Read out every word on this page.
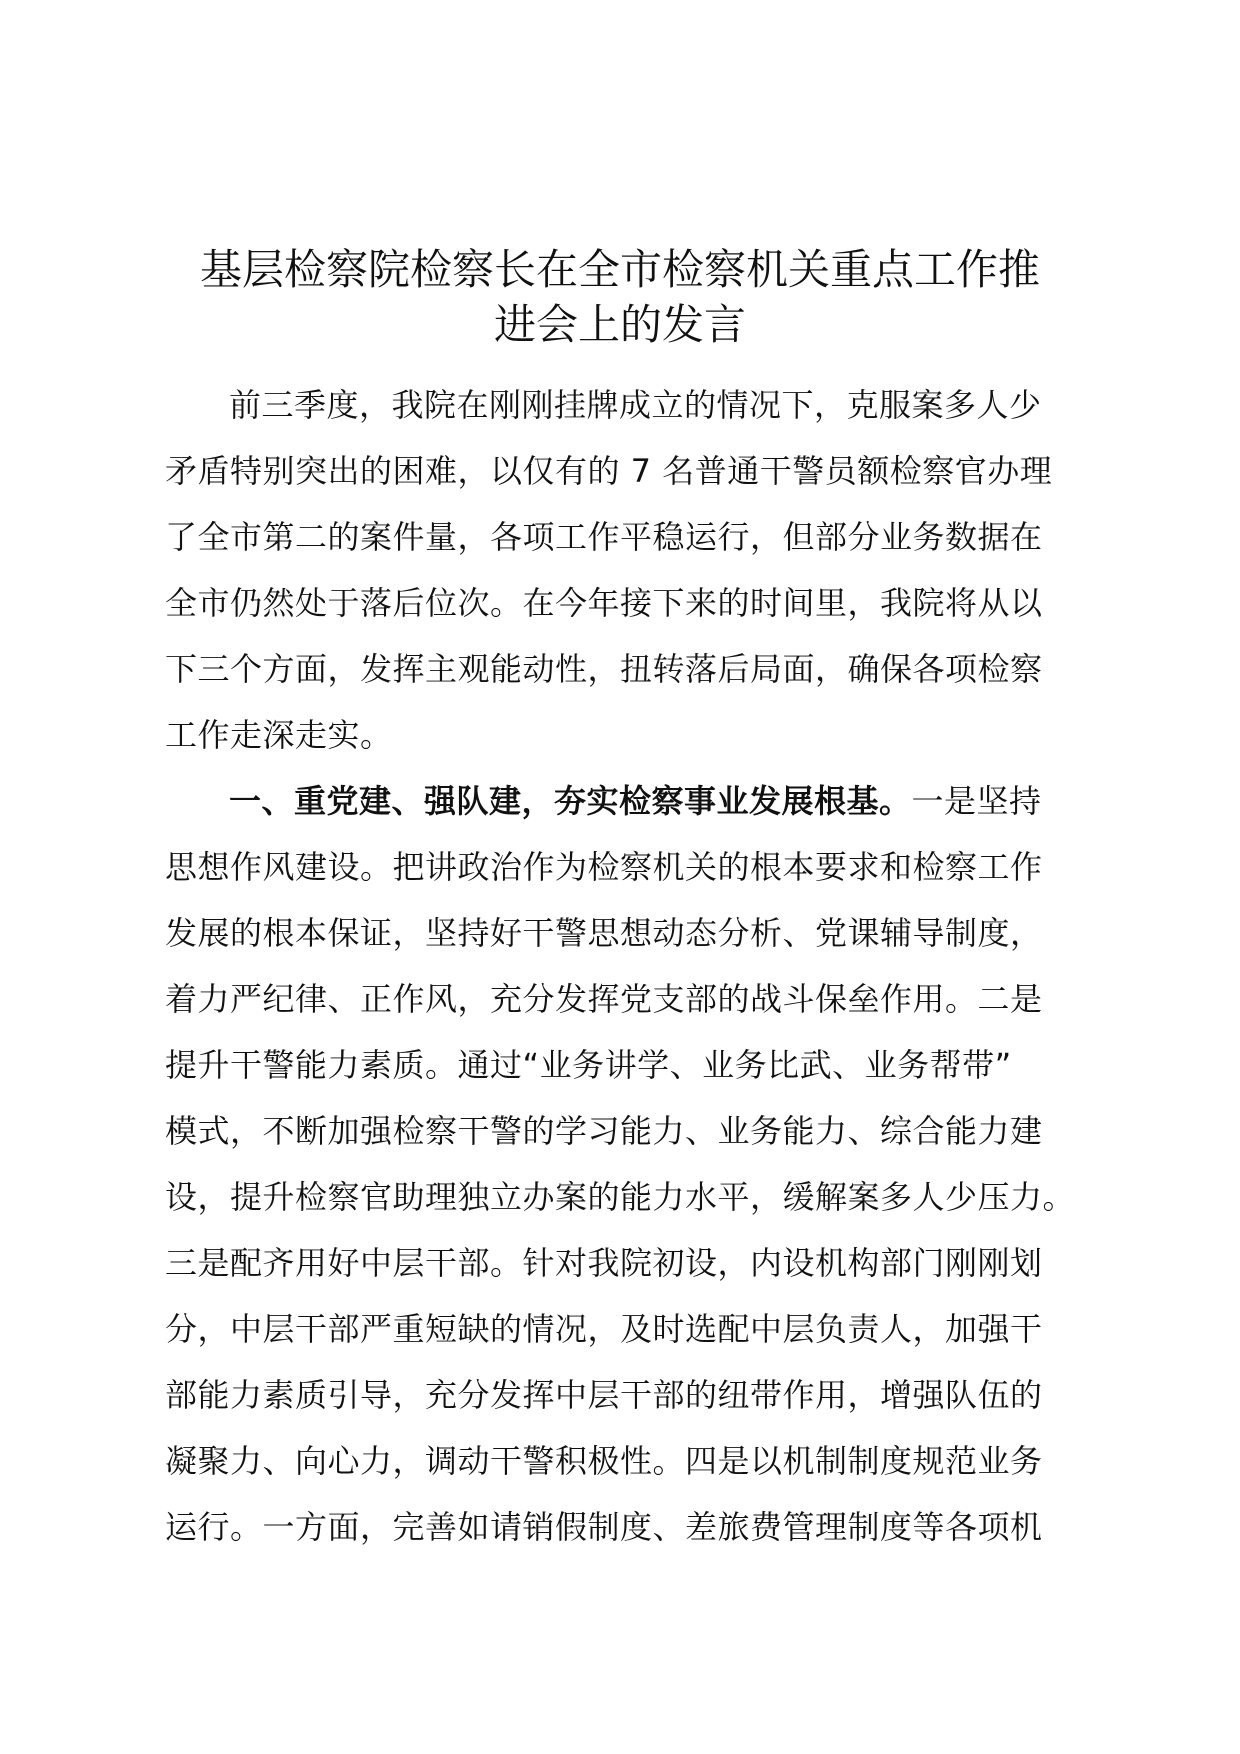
基层检察院检察长在全市检察机关重点工作推
进会上的发言

前三季度，我院在刚刚挂牌成立的情况下，克服案多人少

矛盾特别突出的困难，以仅有的 7 名普通干警员额检察官办理

了全市第二的案件量，各项工作平稳运行，但部分业务数据在

全市仍然处于落后位次。在今年接下来的时间里，我院将从以

下三个方面，发挥主观能动性，扭转落后局面，确保各项检察

工作走深走实。

一、重党建、强队建，夯实检察事业发展根基。一是坚持

思想作风建设。把讲政治作为检察机关的根本要求和检察工作

发展的根本保证，坚持好干警思想动态分析、党课辅导制度，

着力严纪律、正作风，充分发挥党支部的战斗保垒作用。二是

提升干警能力素质。通过“业务讲学、业务比武、业务帮带”

模式，不断加强检察干警的学习能力、业务能力、综合能力建

设，提升检察官助理独立办案的能力水平，缓解案多人少压力。

三是配齐用好中层干部。针对我院初设，内设机构部门刚刚划

分，中层干部严重短缺的情况，及时选配中层负责人，加强干

部能力素质引导，充分发挥中层干部的纽带作用，增强队伍的

凝聚力、向心力，调动干警积极性。四是以机制制度规范业务

运行。一方面，完善如请销假制度、差旅费管理制度等各项机
